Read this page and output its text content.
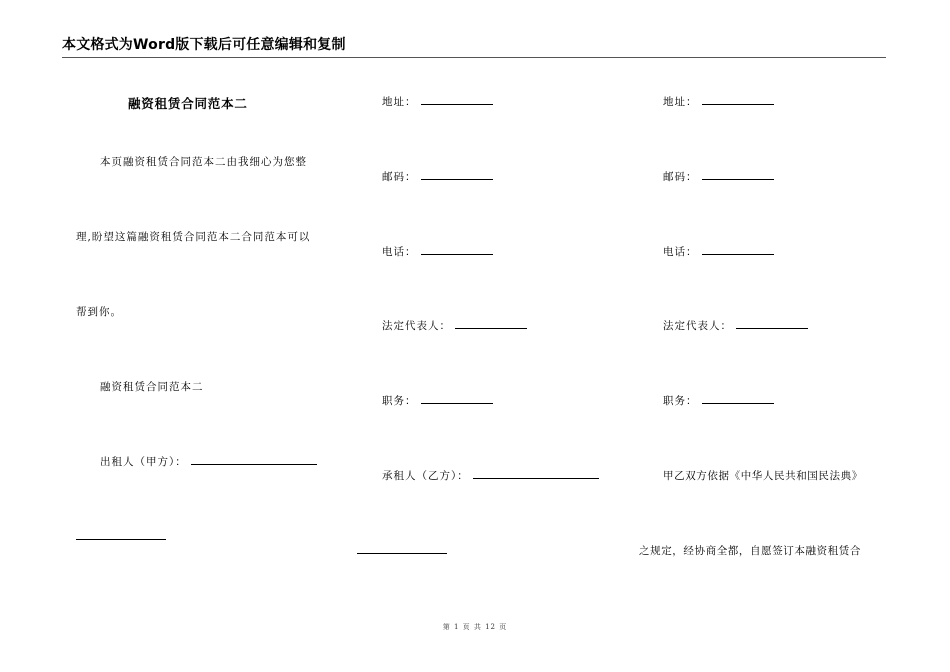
本文格式为Word版下载后可任意编辑和复制
融资租赁合同范本二
本页融资租赁合同范本二由我细心为您整
理,盼望这篇融资租赁合同范本二合同范本可以
帮到你。
融资租赁合同范本二
出租人（甲方）：
地址：
邮码：
电话：
法定代表人：
职务：
承租人（乙方）：
地址：
邮码：
电话：
法定代表人：
职务：
甲乙双方依据《中华人民共和国民法典》
之规定，经协商全都，自愿签订本融资租赁合
第 1 页 共 12 页
